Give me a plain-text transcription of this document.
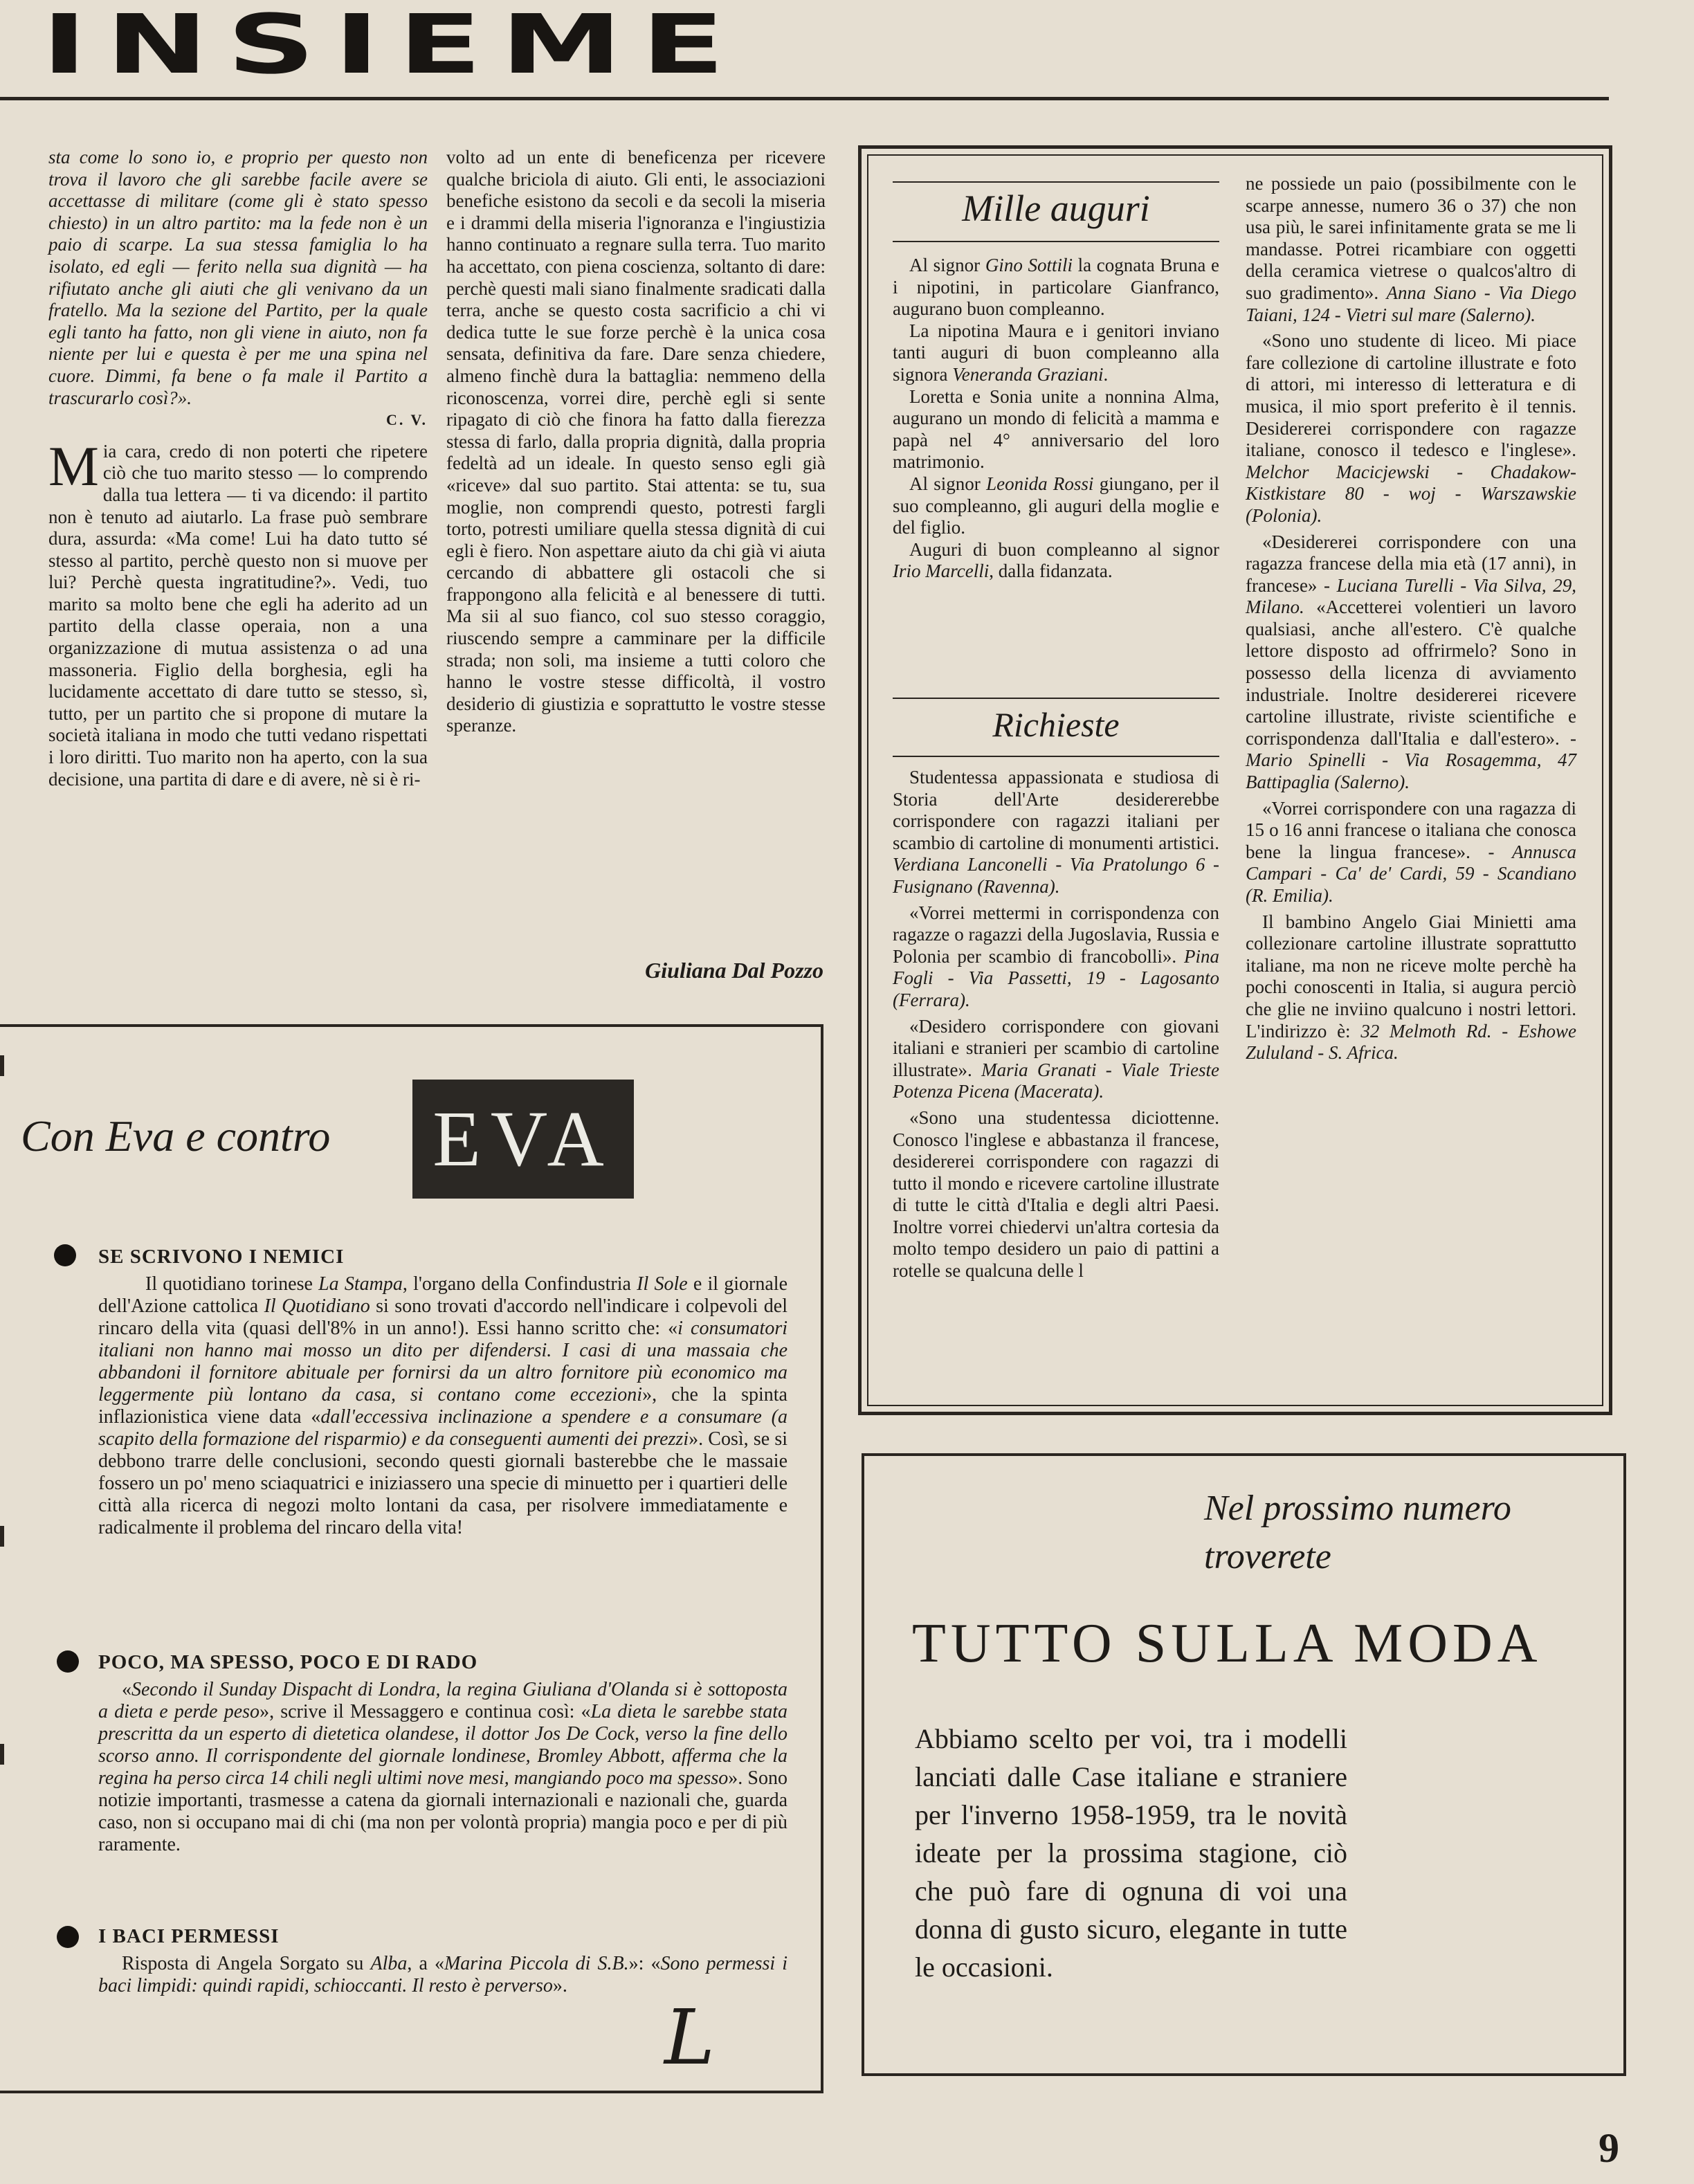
INSIEME

sta come lo sono io, e proprio per questo non trova il lavoro che gli sarebbe facile avere se accettasse di militare (come gli è stato spesso chiesto) in un altro partito: ma la fede non è un paio di scarpe. La sua stessa famiglia lo ha isolato, ed egli — ferito nella sua dignità — ha rifiutato anche gli aiuti che gli venivano da un fratello. Ma la sezione del Partito, per la quale egli tanto ha fatto, non gli viene in aiuto, non fa niente per lui e questa è per me una spina nel cuore. Dimmi, fa bene o fa male il Partito a trascurarlo così?».

C. V.

Mia cara, credo di non poterti che ripetere ciò che tuo marito stesso — lo comprendo dalla tua lettera — ti va dicendo: il partito non è tenuto ad aiutarlo. La frase può sembrare dura, assurda: «Ma come! Lui ha dato tutto sé stesso al partito, perchè questo non si muove per lui? Perchè questa ingratitudine?». Vedi, tuo marito sa molto bene che egli ha aderito ad un partito della classe operaia, non a una organizzazione di mutua assistenza o ad una massoneria. Figlio della borghesia, egli ha lucidamente accettato di dare tutto se stesso, sì, tutto, per un partito che si propone di mutare la società italiana in modo che tutti vedano rispettati i loro diritti. Tuo marito non ha aperto, con la sua decisione, una partita di dare e di avere, nè si è ri-

volto ad un ente di beneficenza per ricevere qualche briciola di aiuto. Gli enti, le associazioni benefiche esistono da secoli e da secoli la miseria e i drammi della miseria l'ignoranza e l'ingiustizia hanno continuato a regnare sulla terra. Tuo marito ha accettato, con piena coscienza, soltanto di dare: perchè questi mali siano finalmente sradicati dalla terra, anche se questo costa sacrificio a chi vi dedica tutte le sue forze perchè è la unica cosa sensata, definitiva da fare. Dare senza chiedere, almeno finchè dura la battaglia: nemmeno della riconoscenza, vorrei dire, perchè egli si sente ripagato di ciò che finora ha fatto dalla fierezza stessa di farlo, dalla propria dignità, dalla propria fedeltà ad un ideale. In questo senso egli già «riceve» dal suo partito. Stai attenta: se tu, sua moglie, non comprendi questo, potresti fargli torto, potresti umiliare quella stessa dignità di cui egli è fiero. Non aspettare aiuto da chi già vi aiuta cercando di abbattere gli ostacoli che si frappongono alla felicità e al benessere di tutti. Ma sii al suo fianco, col suo stesso coraggio, riuscendo sempre a camminare per la difficile strada; non soli, ma insieme a tutti coloro che hanno le vostre stesse difficoltà, il vostro desiderio di giustizia e soprattutto le vostre stesse speranze.

Giuliana Dal Pozzo
Mille auguri

Al signor Gino Sottili la cognata Bruna e i nipotini, in particolare Gianfranco, augurano buon compleanno.

La nipotina Maura e i genitori inviano tanti auguri di buon compleanno alla signora Veneranda Graziani.

Loretta e Sonia unite a nonnina Alma, augurano un mondo di felicità a mamma e papà nel 4° anniversario del loro matrimonio.

Al signor Leonida Rossi giungano, per il suo compleanno, gli auguri della moglie e del figlio.

Auguri di buon compleanno al signor Irio Marcelli, dalla fidanzata.

Richieste

Studentessa appassionata e studiosa di Storia dell'Arte desidererebbe corrispondere con ragazzi italiani per scambio di cartoline di monumenti artistici. Verdiana Lanconelli - Via Pratolungo 6 - Fusignano (Ravenna).

«Vorrei mettermi in corrispondenza con ragazze o ragazzi della Jugoslavia, Russia e Polonia per scambio di francobolli». Pina Fogli - Via Passetti, 19 - Lagosanto (Ferrara).

«Desidero corrispondere con giovani italiani e stranieri per scambio di cartoline illustrate». Maria Granati - Viale Trieste Potenza Picena (Macerata).

«Sono una studentessa diciottenne. Conosco l'inglese e abbastanza il francese, desidererei corrispondere con ragazzi di tutto il mondo e ricevere cartoline illustrate di tutte le città d'Italia e degli altri Paesi. Inoltre vorrei chiedervi un'altra cortesia da molto tempo desidero un paio di pattini a rotelle se qualcuna delle l

ne possiede un paio (possibilmente con le scarpe annesse, numero 36 o 37) che non usa più, le sarei infinitamente grata se me li mandasse. Potrei ricambiare con oggetti della ceramica vietrese o qualcos'altro di suo gradimento». Anna Siano - Via Diego Taiani, 124 - Vietri sul mare (Salerno).

«Sono uno studente di liceo. Mi piace fare collezione di cartoline illustrate e foto di attori, mi interesso di letteratura e di musica, il mio sport preferito è il tennis. Desidererei corrispondere con ragazze italiane, conosco il tedesco e l'inglese». Melchor Macicjewski - Chadakow-Kistkistare 80 - woj - Warszawskie (Polonia).

«Desidererei corrispondere con una ragazza francese della mia età (17 anni), in francese» - Luciana Turelli - Via Silva, 29, Milano. «Accetterei volentieri un lavoro qualsiasi, anche all'estero. C'è qualche lettore disposto ad offrirmelo? Sono in possesso della licenza di avviamento industriale. Inoltre desidererei ricevere cartoline illustrate, riviste scientifiche e corrispondenza dall'Italia e dall'estero». - Mario Spinelli - Via Rosagemma, 47 Battipaglia (Salerno).

«Vorrei corrispondere con una ragazza di 15 o 16 anni francese o italiana che conosca bene la lingua francese». - Annusca Campari - Ca' de' Cardi, 59 - Scandiano (R. Emilia).

Il bambino Angelo Giai Minietti ama collezionare cartoline illustrate soprattutto italiane, ma non ne riceve molte perchè ha pochi conoscenti in Italia, si augura perciò che glie ne inviino qualcuno i nostri lettori. L'indirizzo è: 32 Melmoth Rd. - Eshowe Zululand - S. Africa.

Con Eva e contro EVA
SE SCRIVONO I NEMICI
Il quotidiano torinese La Stampa, l'organo della Confindustria Il Sole e il giornale dell'Azione cattolica Il Quotidiano si sono trovati d'accordo nell'indicare i colpevoli del rincaro della vita (quasi dell'8% in un anno!). Essi hanno scritto che: «i consumatori italiani non hanno mai mosso un dito per difendersi. I casi di una massaia che abbandoni il fornitore abituale per fornirsi da un altro fornitore più economico ma leggermente più lontano da casa, si contano come eccezioni», che la spinta inflazionistica viene data «dall'eccessiva inclinazione a spendere e a consumare (a scapito della formazione del risparmio) e da conseguenti aumenti dei prezzi». Così, se si debbono trarre delle conclusioni, secondo questi giornali basterebbe che le massaie fossero un po' meno sciaquatrici e iniziassero una specie di minuetto per i quartieri delle città alla ricerca di negozi molto lontani da casa, per risolvere immediatamente e radicalmente il problema del rincaro della vita!
POCO, MA SPESSO, POCO E DI RADO
«Secondo il Sunday Dispacht di Londra, la regina Giuliana d'Olanda si è sottoposta a dieta e perde peso», scrive il Messaggero e continua così: «La dieta le sarebbe stata prescritta da un esperto di dietetica olandese, il dottor Jos De Cock, verso la fine dello scorso anno. Il corrispondente del giornale londinese, Bromley Abbott, afferma che la regina ha perso circa 14 chili negli ultimi nove mesi, mangiando poco ma spesso». Sono notizie importanti, trasmesse a catena da giornali internazionali e nazionali che, guarda caso, non si occupano mai di chi (ma non per volontà propria) mangia poco e per di più raramente.
I BACI PERMESSI
Risposta di Angela Sorgato su Alba, a «Marina Piccola di S.B.»: «Sono permessi i baci limpidi: quindi rapidi, schioccanti. Il resto è perverso».
L
Nel prossimo numero
troverete
TUTTO SULLA MODA
Abbiamo scelto per voi, tra i modelli lanciati dalle Case italiane e straniere per l'inverno 1958-1959, tra le novità ideate per la prossima stagione, ciò che può fare di ognuna di voi una donna di gusto sicuro, elegante in tutte le occasioni.
9
